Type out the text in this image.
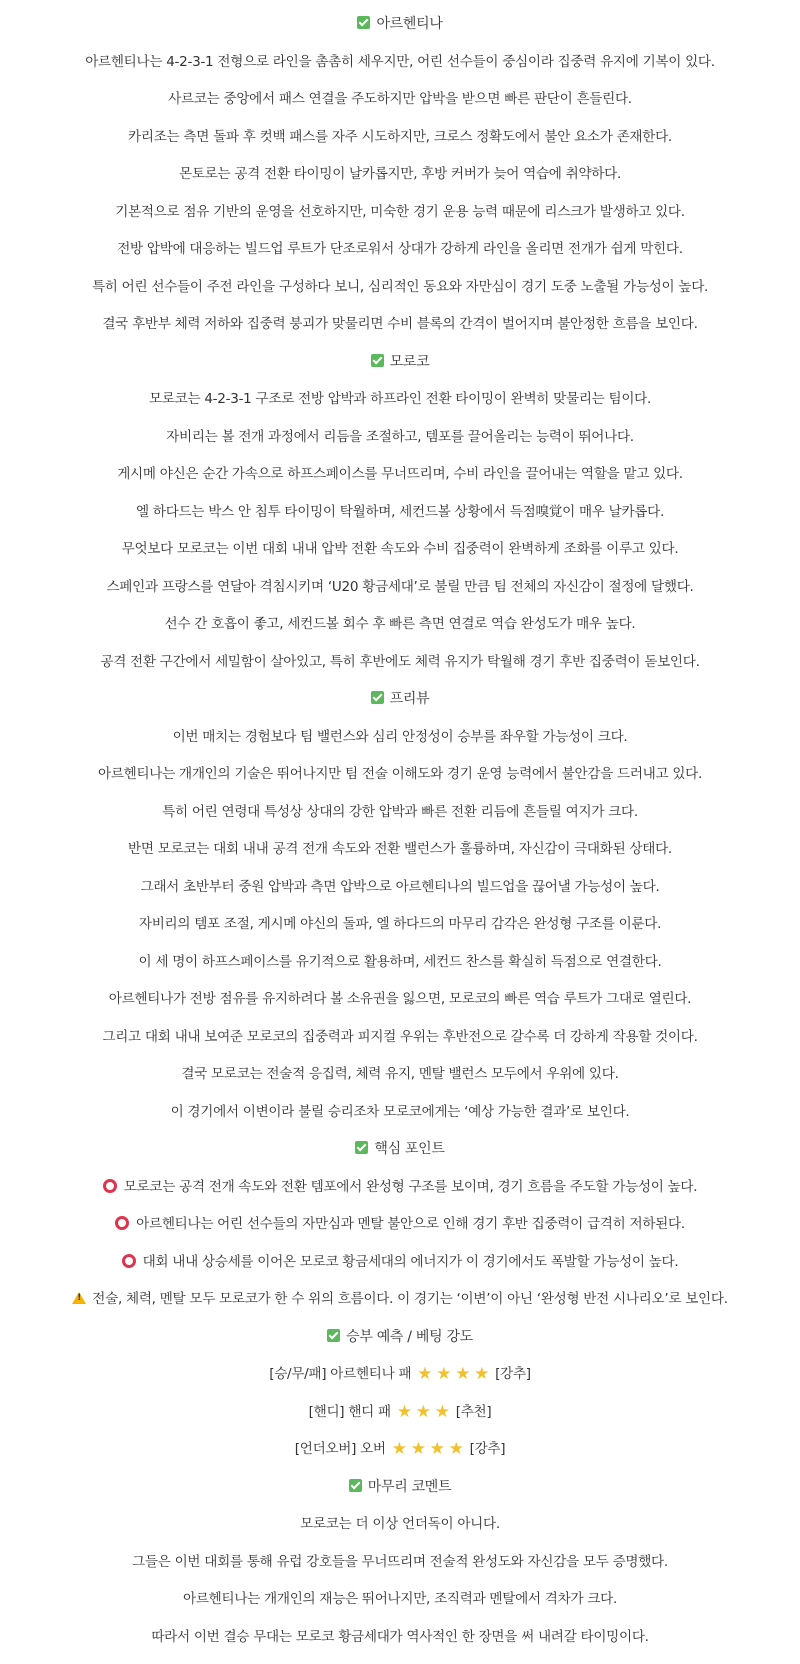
아르헨티나
아르헨티나는 4-2-3-1 전형으로 라인을 촘촘히 세우지만, 어린 선수들이 중심이라 집중력 유지에 기복이 있다.
사르코는 중앙에서 패스 연결을 주도하지만 압박을 받으면 빠른 판단이 흔들린다.
카리조는 측면 돌파 후 컷백 패스를 자주 시도하지만, 크로스 정확도에서 불안 요소가 존재한다.
몬토로는 공격 전환 타이밍이 날카롭지만, 후방 커버가 늦어 역습에 취약하다.
기본적으로 점유 기반의 운영을 선호하지만, 미숙한 경기 운용 능력 때문에 리스크가 발생하고 있다.
전방 압박에 대응하는 빌드업 루트가 단조로워서 상대가 강하게 라인을 올리면 전개가 쉽게 막힌다.
특히 어린 선수들이 주전 라인을 구성하다 보니, 심리적인 동요와 자만심이 경기 도중 노출될 가능성이 높다.
결국 후반부 체력 저하와 집중력 붕괴가 맞물리면 수비 블록의 간격이 벌어지며 불안정한 흐름을 보인다.
모로코
모로코는 4-2-3-1 구조로 전방 압박과 하프라인 전환 타이밍이 완벽히 맞물리는 팀이다.
자비리는 볼 전개 과정에서 리듬을 조절하고, 템포를 끌어올리는 능력이 뛰어나다.
게시메 야신은 순간 가속으로 하프스페이스를 무너뜨리며, 수비 라인을 끌어내는 역할을 맡고 있다.
엘 하다드는 박스 안 침투 타이밍이 탁월하며, 세컨드볼 상황에서 득점嗅覚이 매우 날카롭다.
무엇보다 모로코는 이번 대회 내내 압박 전환 속도와 수비 집중력이 완벽하게 조화를 이루고 있다.
스페인과 프랑스를 연달아 격침시키며 ‘U20 황금세대’로 불릴 만큼 팀 전체의 자신감이 절정에 달했다.
선수 간 호흡이 좋고, 세컨드볼 회수 후 빠른 측면 연결로 역습 완성도가 매우 높다.
공격 전환 구간에서 세밀함이 살아있고, 특히 후반에도 체력 유지가 탁월해 경기 후반 집중력이 돋보인다.
프리뷰
이번 매치는 경험보다 팀 밸런스와 심리 안정성이 승부를 좌우할 가능성이 크다.
아르헨티나는 개개인의 기술은 뛰어나지만 팀 전술 이해도와 경기 운영 능력에서 불안감을 드러내고 있다.
특히 어린 연령대 특성상 상대의 강한 압박과 빠른 전환 리듬에 흔들릴 여지가 크다.
반면 모로코는 대회 내내 공격 전개 속도와 전환 밸런스가 훌륭하며, 자신감이 극대화된 상태다.
그래서 초반부터 중원 압박과 측면 압박으로 아르헨티나의 빌드업을 끊어낼 가능성이 높다.
자비리의 템포 조절, 게시메 야신의 돌파, 엘 하다드의 마무리 감각은 완성형 구조를 이룬다.
이 세 명이 하프스페이스를 유기적으로 활용하며, 세컨드 찬스를 확실히 득점으로 연결한다.
아르헨티나가 전방 점유를 유지하려다 볼 소유권을 잃으면, 모로코의 빠른 역습 루트가 그대로 열린다.
그리고 대회 내내 보여준 모로코의 집중력과 피지컬 우위는 후반전으로 갈수록 더 강하게 작용할 것이다.
결국 모로코는 전술적 응집력, 체력 유지, 멘탈 밸런스 모두에서 우위에 있다.
이 경기에서 이변이라 불릴 승리조차 모로코에게는 ‘예상 가능한 결과’로 보인다.
핵심 포인트
모로코는 공격 전개 속도와 전환 템포에서 완성형 구조를 보이며, 경기 흐름을 주도할 가능성이 높다.
아르헨티나는 어린 선수들의 자만심과 멘탈 불안으로 인해 경기 후반 집중력이 급격히 저하된다.
대회 내내 상승세를 이어온 모로코 황금세대의 에너지가 이 경기에서도 폭발할 가능성이 높다.
!전술, 체력, 멘탈 모두 모로코가 한 수 위의 흐름이다. 이 경기는 ‘이변’이 아닌 ‘완성형 반전 시나리오’로 보인다.
승부 예측 / 베팅 강도
[승/무/패] 아르헨티나 패 ★ ★ ★ ★ [강추]
[핸디] 핸디 패 ★ ★ ★ [추천]
[언더오버] 오버 ★ ★ ★ ★ [강추]
마무리 코멘트
모로코는 더 이상 언더독이 아니다.
그들은 이번 대회를 통해 유럽 강호들을 무너뜨리며 전술적 완성도와 자신감을 모두 증명했다.
아르헨티나는 개개인의 재능은 뛰어나지만, 조직력과 멘탈에서 격차가 크다.
따라서 이번 결승 무대는 모로코 황금세대가 역사적인 한 장면을 써 내려갈 타이밍이다.
